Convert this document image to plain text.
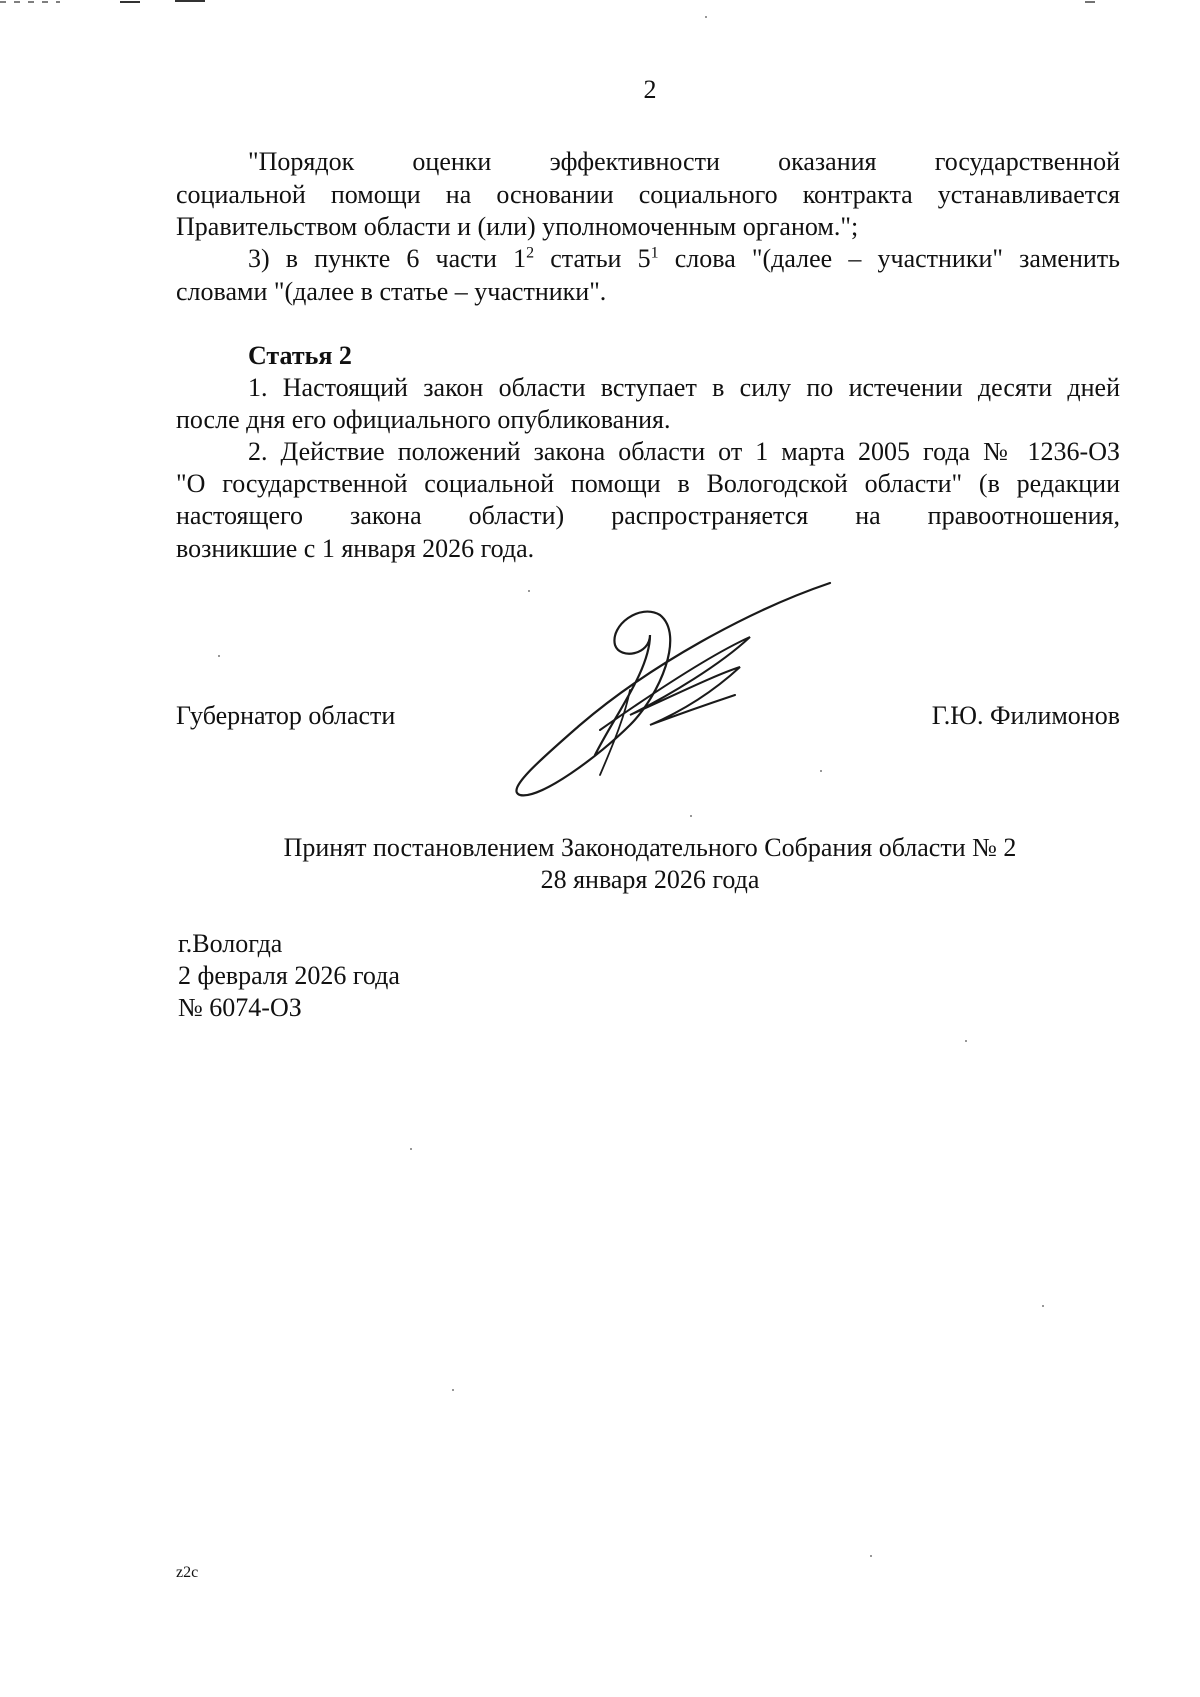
2
"Порядок оценки эффективности оказания государственной
социальной помощи на основании социального контракта устанавливается
Правительством области и (или) уполномоченным органом.";
3) в пункте 6 части $1^2$ статьи $5^1$ слова "(далее – участники" заменить
словами "(далее в статье – участники".
Статья 2
1. Настоящий закон области вступает в силу по истечении десяти дней
после дня его официального опубликования.
2. Действие положений закона области от 1 марта 2005 года № 1236-ОЗ
"О государственной социальной помощи в Вологодской области" (в редакции
настоящего закона области) распространяется на правоотношения,
возникшие с 1 января 2026 года.
Губернатор области	Г.Ю. Филимонов
Принят постановлением Законодательного Собрания области № 2
28 января 2026 года
г.Вологда
2 февраля 2026 года
№ 6074-ОЗ
z2c
